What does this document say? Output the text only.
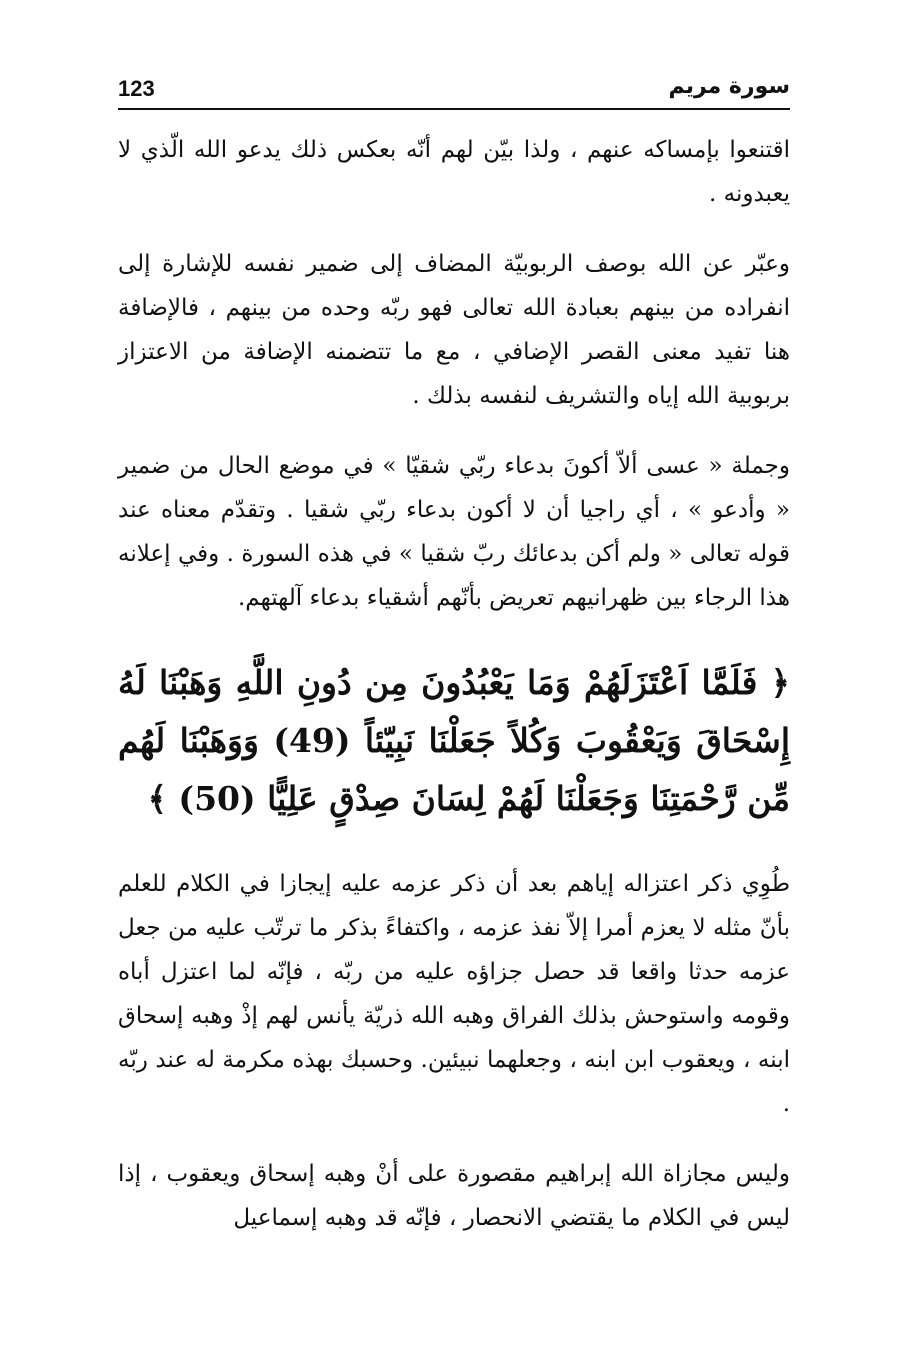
123	سورة مريم

اقتنعوا بإمساكه عنهم ، ولذا بيّن لهم أنّه بعكس ذلك يدعو الله الّذي لا يعبدونه .

وعبّر عن الله بوصف الربوبيّة المضاف إلى ضمير نفسه للإشارة إلى انفراده من بينهم بعبادة الله تعالى فهو ربّه وحده من بينهم ، فالإضافة هنا تفيد معنى القصر الإضافي ، مع ما تتضمنه الإضافة من الاعتزاز بربوبية الله إياه والتشريف لنفسه بذلك .

وجملة « عسى ألاّ أكونَ بدعاء ربّي شقيّا » في موضع الحال من ضمير « وأدعو » ، أي راجيا أن لا أكون بدعاء ربّي شقيا . وتقدّم معناه عند قوله تعالى « ولم أكن بدعائك ربّ شقيا » في هذه السورة . وفي إعلانه هذا الرجاء بين ظهرانيهم تعريض بأنّهم أشقياء بدعاء آلهتهم.

﴿ فَلَمَّا اَعْتَزَلَهُمْ وَمَا يَعْبُدُونَ مِن دُونِ اللَّهِ وَهَبْنَا لَهُ إِسْحَاقَ وَيَعْقُوبَ وَكُلاً جَعَلْنَا نَبِيّئاً (49) وَوَهَبْنَا لَهُم مِّن رَّحْمَتِنَا وَجَعَلْنَا لَهُمْ لِسَانَ صِدْقٍ عَلِيًّا (50) ﴾

طُوِي ذكر اعتزاله إياهم بعد أن ذكر عزمه عليه إيجازا في الكلام للعلم بأنّ مثله لا يعزم أمرا إلاّ نفذ عزمه ، واكتفاءً بذكر ما ترتّب عليه من جعل عزمه حدثا واقعا قد حصل جزاؤه عليه من ربّه ، فإنّه لما اعتزل أباه وقومه واستوحش بذلك الفراق وهبه الله ذريّة يأنس لهم إذْ وهبه إسحاق ابنه ، ويعقوب ابن ابنه ، وجعلهما نبيئين. وحسبك بهذه مكرمة له عند ربّه .

وليس مجازاة الله إبراهيم مقصورة على أنْ وهبه إسحاق ويعقوب ، إذا ليس في الكلام ما يقتضي الانحصار ، فإنّه قد وهبه إسماعيل
